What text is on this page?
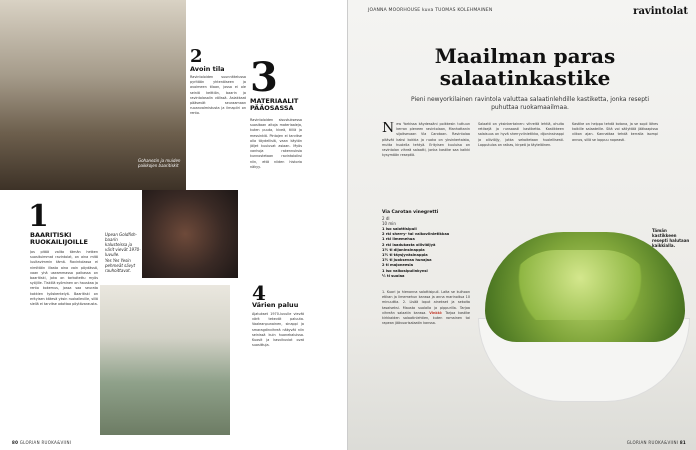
Gohanezin ja muiden paikkojen baaritiskit
Upean Goldfish-baarin kalusteissa ja värit vievät 1970-luvulle.
Yes Yes Yesin pehmeät sävyt rauhoittavat.
1
BAARITISKI RUOKAILIJOILLE
Jos pitää valita tämän hetken suosituimmat ravintolat, on aina mitä luultavimmin tämä. Ravintolassa ei nimittäin illasta aina vain pöydässä, vaan yhä useammassa paikassa on baaritiski, joka on tarkoitettu myös syöjille. Tiskillä syöminen on hauskaa ja rento kokemus, jossa saa seurata kokkien työskentelyä. Baaritiski on erityisen kätevä yksin ruokaileville, sillä siellä ei tarvitse odottaa pöytävarausta.
2
Avoin tila
Ravintoloiden suunnittelussa pyritään yhtenäiseen ja avoimeen tilaan, jossa ei ole seiniä keittiön, baarin ja ravintolasalin välissä. Asiakkaat pääsevät seuraamaan ruoanvalmistusta ja ilmapiiri on rento.
3
MATERIAALIT PÄÄOSASSA
Ravintoloiden sisustuksessa suositaan aitoja materiaaleja, kuten puuta, kiveä, tiiliä ja messinkiä. Pintojen ei tarvitse olla täydellisiä, vaan käytön jäljet kuuluvat asiaan. Myös vanhoja rakennuksia kunnostetaan ravintoloiksi niin, että niiden historia näkyy.
4
Värien paluu
Ajatukset 1970-luvulle vievät värit tekevät paluuta. Vaaleanpunainen, sinappi ja smaragdinvihreä näkyvät niin seinissä kuin huonekaluissa. Kuosit ja kasvikuviot ovat suosittuja.
80 GLORIAN RUOKA&VIINI
JOANNA MOORHOUSE kuva TUOMAS KOLEHMAINEN	ravintolat
Maailman paras salaatinkastike
Pieni newyorkilainen ravintola valuttaa salaatinlehdille kastiketta, jonka resepti puhuttaa ruokamaailmaa.
New Yorkissa käydessäni poikkesin tuttuun kerran pieneen ravintolaan, Manhattanin sijaitsevaan Via Carotaan. Ravintolaa pitävät kaksi kokkia ja ruoka on yksinkertaista, mutta huolella tehtyä. Erityisen kuuluisa on ravintolan vihreä salaatti, jonka kastike saa kaikki kysymään reseptiä.
Salaatti on yksinkertainen: vihreitä lehtiä, ohuita retiisejä ja runsaasti kastiketta. Kastikkeen salaisuus on hyvä sherryviinietikka, dijoninsinappi ja oliiviöljy, jotka sekoitetaan huolellisesti. Lopputulos on raikas, kirpeä ja täyteläinen.
Kastike on helppo tehdä kotona, ja se sopii lähes kaikille salaateille. Sitä voi säilyttää jääkaapissa viikon ajan. Kannattaa tehdä kerralla isompi annos, sillä se loppuu nopeasti.
Via Carotan vinegretti
2 dl
10 min
1 iso salottisipuli
2 rkl sherry- tai valkoviinietikkaa
1 rkl limemehua
2 rkl laadukasta oliiviöljyä
1½ tl dijoninsinappia
1½ tl täysjyväsinappia
1½ tl juoksevaa hunajaa
2 tl majoneesia
1 iso valkosipulinkynsi
½ tl suolaa
1. Kuori ja hienonna salottisipuli. Laita se kulhoon etikan ja limemehun kanssa ja anna marinoitua 10 minuuttia. 2. Lisää loput ainekset ja sekoita tasaiseksi. Mausta suolalla ja pippurilla. Tarjoa vihreän salaatin kanssa. Vinkki: Tarjoa kastike kirkkaiden salaatinlehtien, kuten romainen tai rapean jäävuorisalaatin kanssa.
Tämän kastikkeen resepti halutaan kaikkialla.
GLORIAN RUOKA&VIINI 81
